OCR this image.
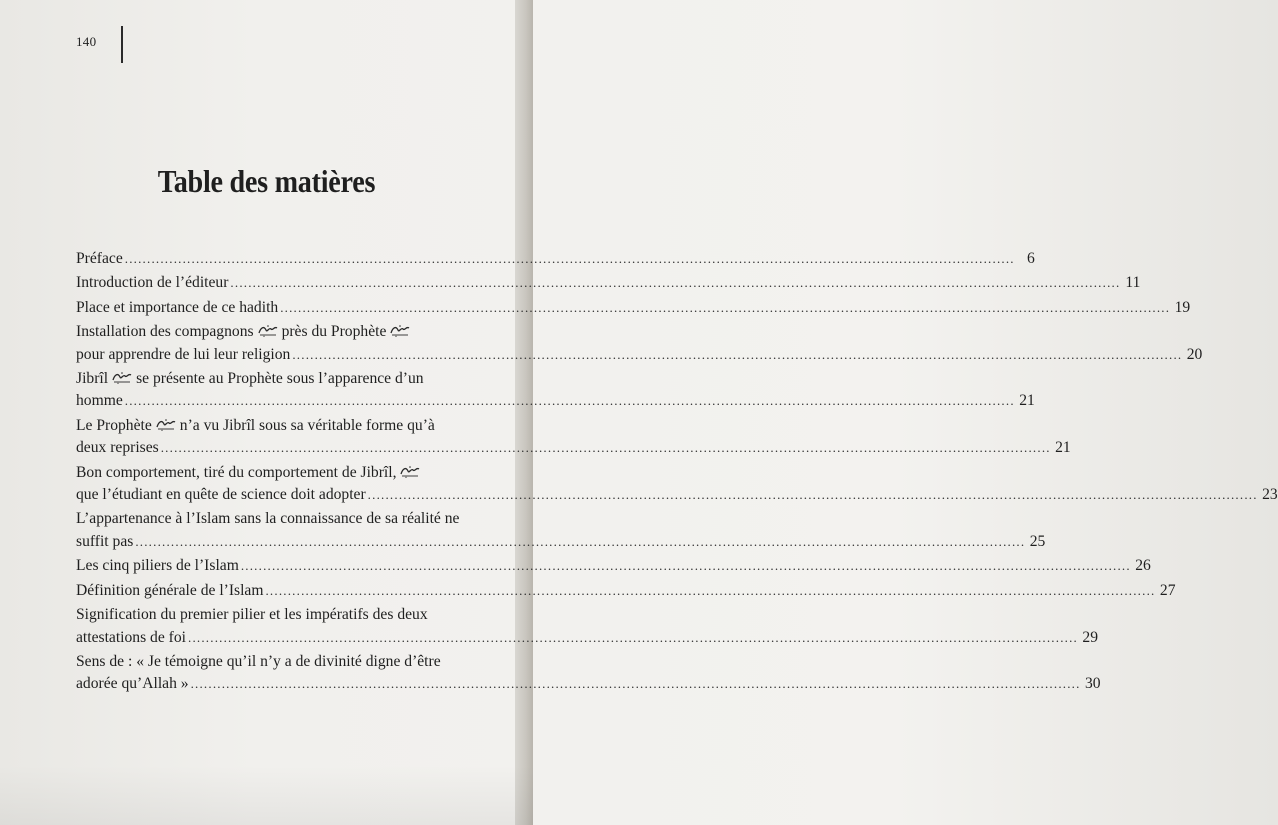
140
Table des matières
Préface ........................................................................................................................................................................................................ 6
Introduction de l’éditeur ........................................................................................................................................................................................................ 11
Place et importance de ce hadith ........................................................................................................................................................................................................ 19
Installation des compagnons près du Prophète
pour apprendre de lui leur religion ........................................................................................................................................................................................................ 20
Jibrîl se présente au Prophète sous l’apparence d’un
homme ........................................................................................................................................................................................................ 21
Le Prophète n’a vu Jibrîl sous sa véritable forme qu’à
deux reprises ........................................................................................................................................................................................................ 21
Bon comportement, tiré du comportement de Jibrîl,
que l’étudiant en quête de science doit adopter ........................................................................................................................................................................................................ 23
L’appartenance à l’Islam sans la connaissance de sa réalité ne
suffit pas ........................................................................................................................................................................................................ 25
Les cinq piliers de l’Islam ........................................................................................................................................................................................................ 26
Définition générale de l’Islam ........................................................................................................................................................................................................ 27
Signification du premier pilier et les impératifs des deux
attestations de foi ........................................................................................................................................................................................................ 29
Sens de : « Je témoigne qu’il n’y a de divinité digne d’être
adorée qu’Allah » ........................................................................................................................................................................................................ 30
